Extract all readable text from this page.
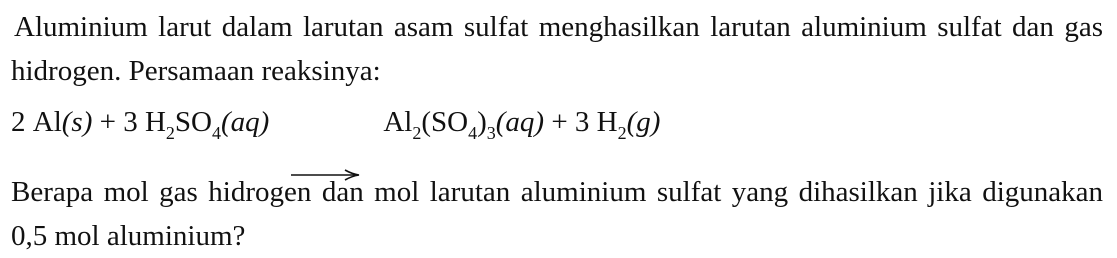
Aluminium larut dalam larutan asam sulfat menghasilkan larutan aluminium sulfat dan gas hidrogen. Persamaan reaksinya:

2 Al (s) + 3 H 2 SO 4 (aq)

→ Al 2 (SO 4 ) 3 (aq) + 3 H 2 (g)

Berapa mol gas hidrogen dan mol larutan aluminium sulfat yang dihasilkan jika digunakan 0,5 mol aluminium?
